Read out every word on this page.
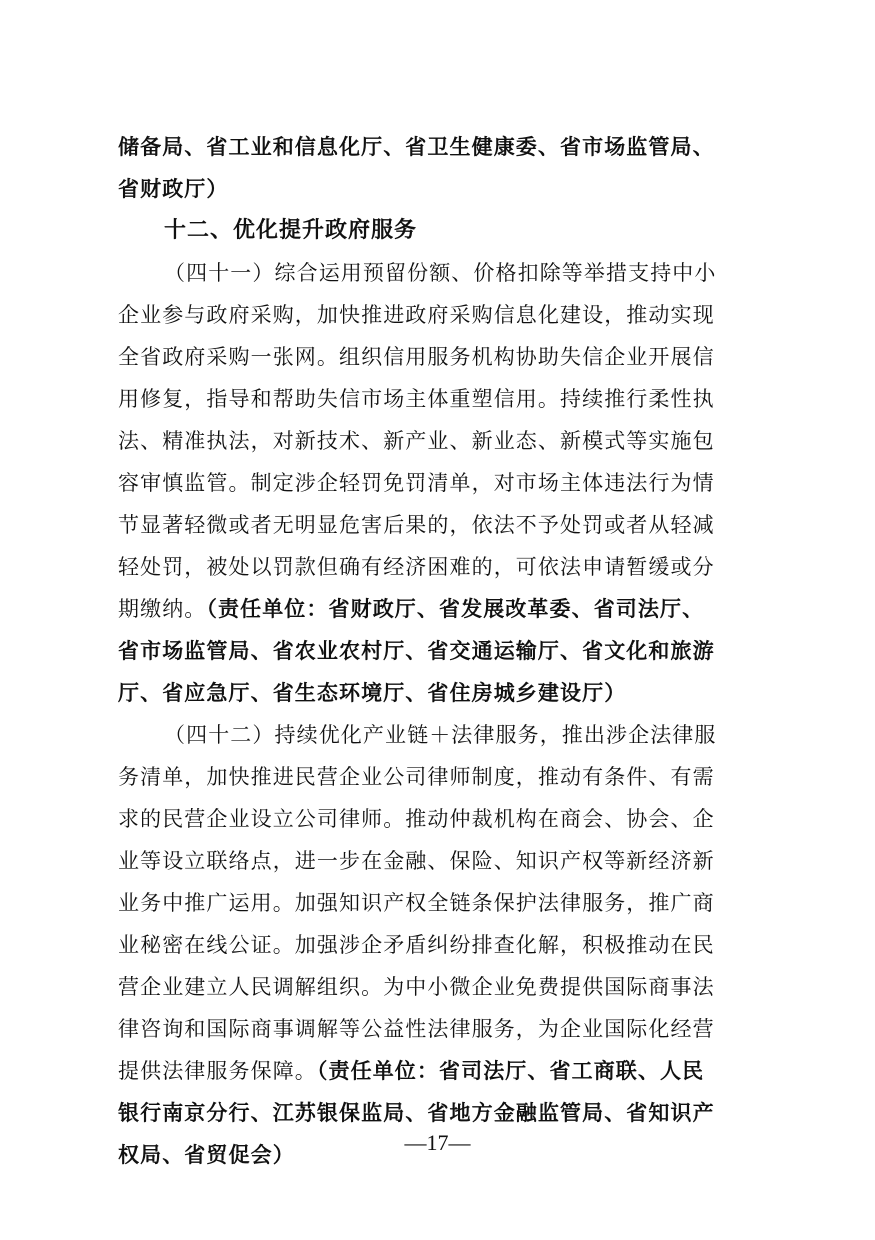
储备局、省工业和信息化厅、省卫生健康委、省市场监管局、
省财政厅）
十二、优化提升政府服务
（四十一）综合运用预留份额、价格扣除等举措支持中小
企业参与政府采购，加快推进政府采购信息化建设，推动实现
全省政府采购一张网。组织信用服务机构协助失信企业开展信
用修复，指导和帮助失信市场主体重塑信用。持续推行柔性执
法、精准执法，对新技术、新产业、新业态、新模式等实施包
容审慎监管。制定涉企轻罚免罚清单，对市场主体违法行为情
节显著轻微或者无明显危害后果的，依法不予处罚或者从轻减
轻处罚，被处以罚款但确有经济困难的，可依法申请暂缓或分
期缴纳。（责任单位：省财政厅、省发展改革委、省司法厅、
省市场监管局、省农业农村厅、省交通运输厅、省文化和旅游
厅、省应急厅、省生态环境厅、省住房城乡建设厅）
（四十二）持续优化产业链＋法律服务，推出涉企法律服
务清单，加快推进民营企业公司律师制度，推动有条件、有需
求的民营企业设立公司律师。推动仲裁机构在商会、协会、企
业等设立联络点，进一步在金融、保险、知识产权等新经济新
业务中推广运用。加强知识产权全链条保护法律服务，推广商
业秘密在线公证。加强涉企矛盾纠纷排查化解，积极推动在民
营企业建立人民调解组织。为中小微企业免费提供国际商事法
律咨询和国际商事调解等公益性法律服务，为企业国际化经营
提供法律服务保障。（责任单位：省司法厅、省工商联、人民
银行南京分行、江苏银保监局、省地方金融监管局、省知识产
权局、省贸促会）	—17—
